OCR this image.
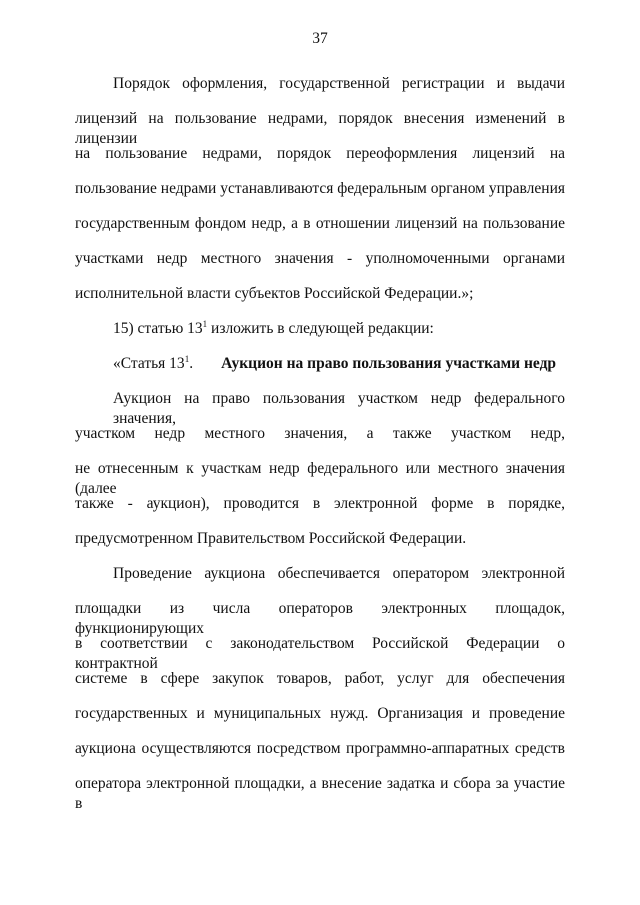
37
Порядок оформления, государственной регистрации и выдачи
лицензий на пользование недрами, порядок внесения изменений в лицензии
на пользование недрами, порядок переоформления лицензий на
пользование недрами устанавливаются федеральным органом управления
государственным фондом недр, а в отношении лицензий на пользование
участками недр местного значения - уполномоченными органами
исполнительной власти субъектов Российской Федерации.»;
15) статью $13^1$ изложить в следующей редакции:
«Статья $13^1$. Аукцион на право пользования участками недр
Аукцион на право пользования участком недр федерального значения,
участком недр местного значения, а также участком недр,
не отнесенным к участкам недр федерального или местного значения (далее
также - аукцион), проводится в электронной форме в порядке,
предусмотренном Правительством Российской Федерации.
Проведение аукциона обеспечивается оператором электронной
площадки из числа операторов электронных площадок, функционирующих
в соответствии с законодательством Российской Федерации о контрактной
системе в сфере закупок товаров, работ, услуг для обеспечения
государственных и муниципальных нужд. Организация и проведение
аукциона осуществляются посредством программно-аппаратных средств
оператора электронной площадки, а внесение задатка и сбора за участие в
